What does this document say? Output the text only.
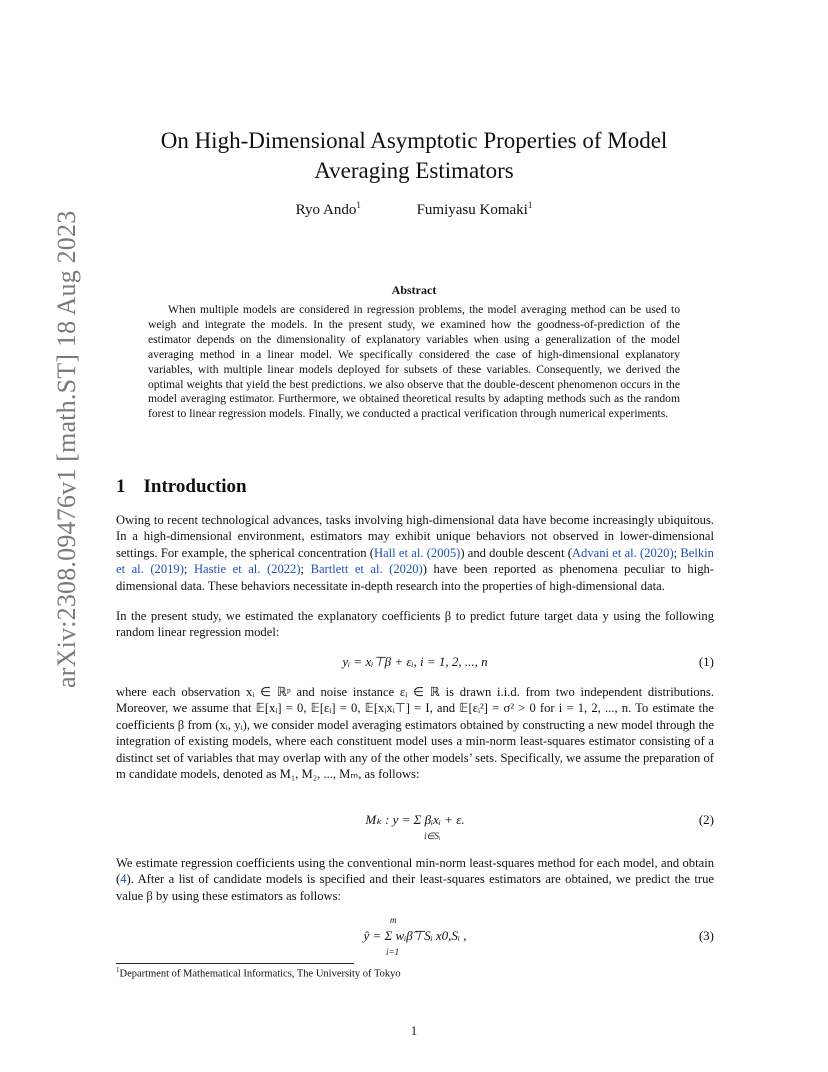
arXiv:2308.09476v1 [math.ST] 18 Aug 2023
On High-Dimensional Asymptotic Properties of Model
Averaging Estimators
Ryo Ando$^1$	Fumiyasu Komaki$^1$
Abstract

When multiple models are considered in regression problems, the model averaging method can be used to weigh and integrate the models. In the present study, we examined how the goodness-of-prediction of the estimator depends on the dimensionality of explanatory variables when using a generalization of the model averaging method in a linear model. We specifically considered the case of high-dimensional explanatory variables, with multiple linear models deployed for subsets of these variables. Consequently, we derived the optimal weights that yield the best predictions. we also observe that the double-descent phenomenon occurs in the model averaging estimator. Furthermore, we obtained theoretical results by adapting methods such as the random forest to linear regression models. Finally, we conducted a practical verification through numerical experiments.

1 Introduction

Owing to recent technological advances, tasks involving high-dimensional data have become increasingly ubiquitous. In a high-dimensional environment, estimators may exhibit unique behaviors not observed in lower-dimensional settings. For example, the spherical concentration (Hall et al. (2005)) and double descent (Advani et al. (2020); Belkin et al. (2019); Hastie et al. (2022); Bartlett et al. (2020)) have been reported as phenomena peculiar to high-dimensional data. These behaviors necessitate in-depth research into the properties of high-dimensional data.

In the present study, we estimated the explanatory coefficients β to predict future target data y using the following random linear regression model:

yᵢ = xᵢ⊤β + εᵢ, i = 1, 2, ..., n	(1)

where each observation xᵢ ∈ ℝᵖ and noise instance εᵢ ∈ ℝ is drawn i.i.d. from two independent distributions. Moreover, we assume that 𝔼[xᵢ] = 0, 𝔼[εᵢ] = 0, 𝔼[xᵢxᵢ⊤] = I, and 𝔼[εᵢ²] = σ² > 0 for i = 1, 2, ..., n. To estimate the coefficients β from (xᵢ, yᵢ), we consider model averaging estimators obtained by constructing a new model through the integration of existing models, where each constituent model uses a min-norm least-squares estimator consisting of a distinct set of variables that may overlap with any of the other models’ sets. Specifically, we assume the preparation of m candidate models, denoted as M₁, M₂, ..., Mₘ, as follows:

Mₖ : y = Σ βᵢxᵢ + ε.
i∈Sᵢ
(2)

We estimate regression coefficients using the conventional min-norm least-squares method for each model, and obtain (4). After a list of candidate models is specified and their least-squares estimators are obtained, we predict the true value β by using these estimators as follows:

m
ŷ = Σ wᵢβ̂⊤Sᵢ x0,Sᵢ ,
i=1
(3)
$^1$Department of Mathematical Informatics, The University of Tokyo
1
